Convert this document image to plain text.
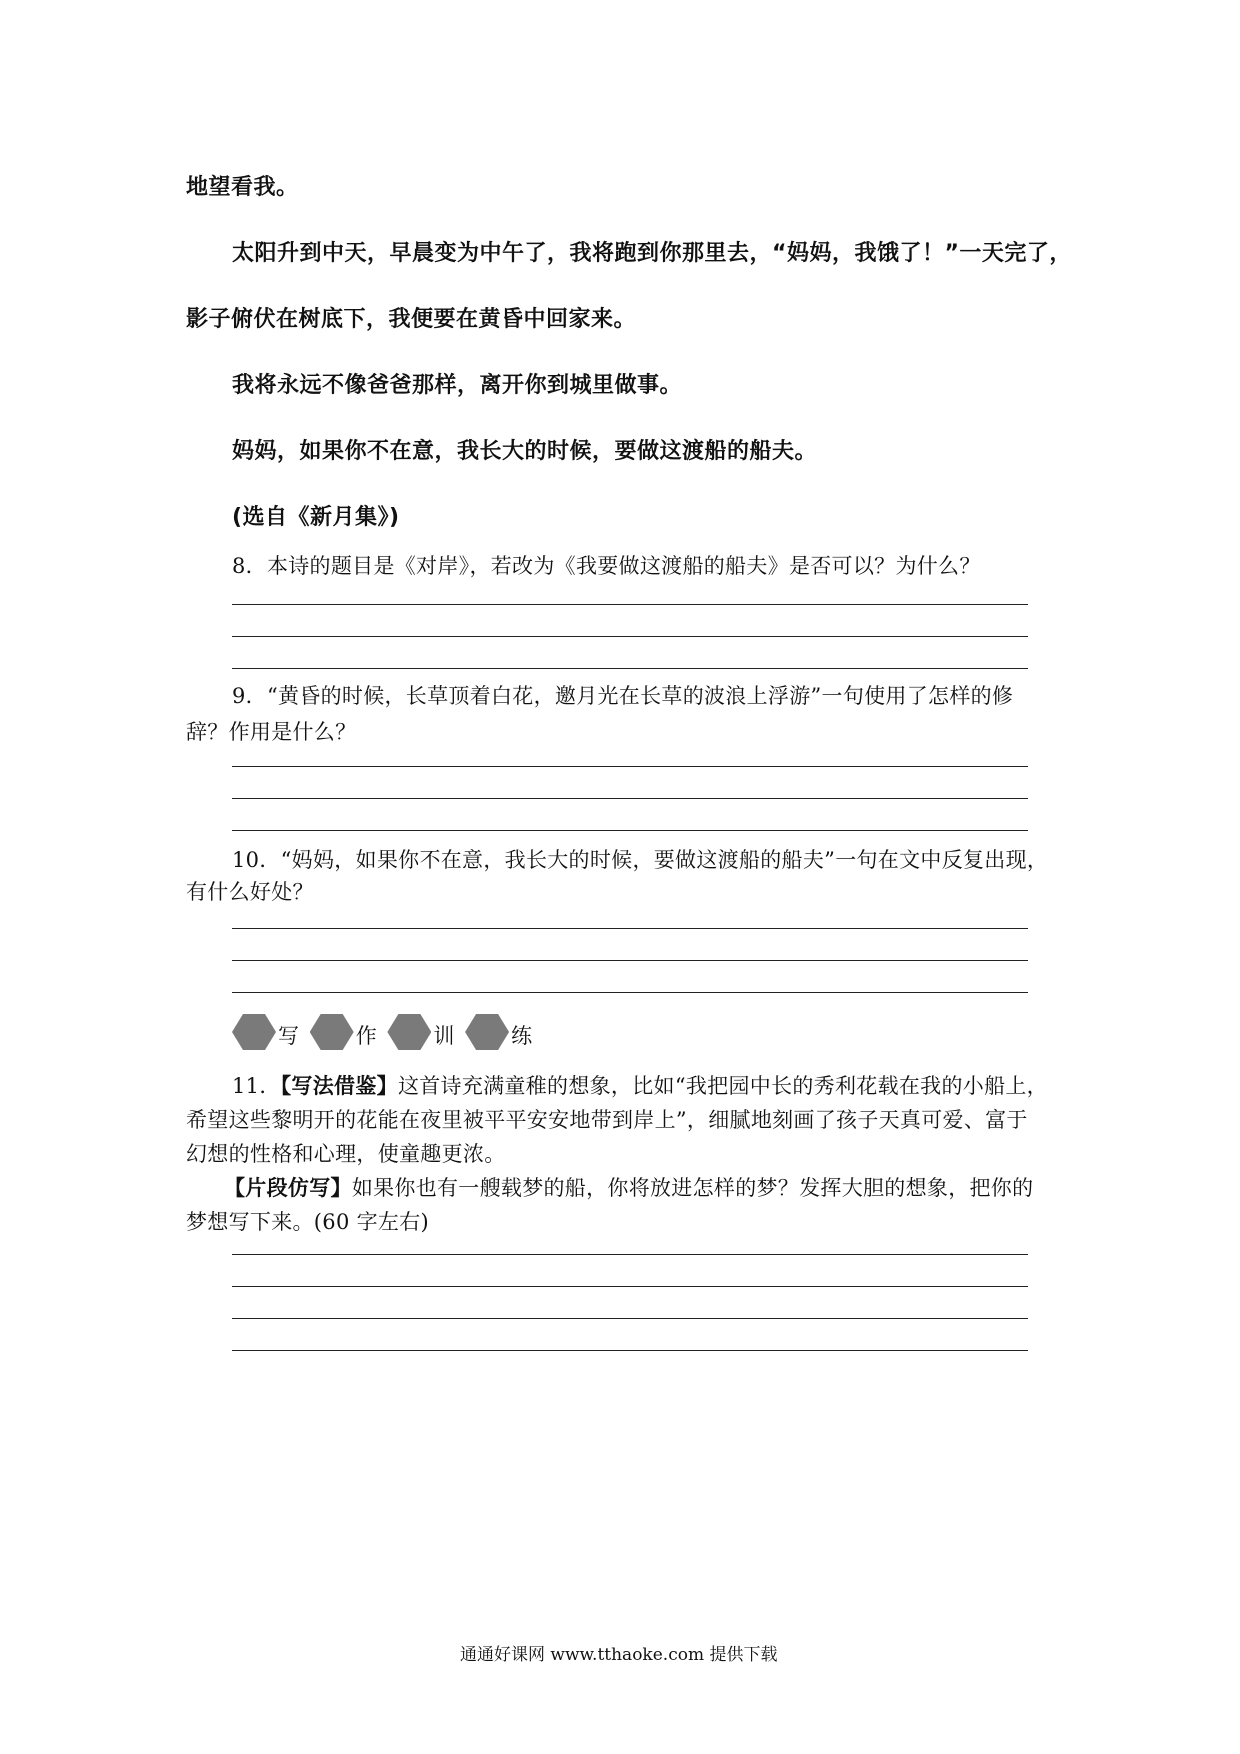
地望看我。
太阳升到中天，早晨变为中午了，我将跑到你那里去，“妈妈，我饿了！”一天完了，
影子俯伏在树底下，我便要在黄昏中回家来。
我将永远不像爸爸那样，离开你到城里做事。
妈妈，如果你不在意，我长大的时候，要做这渡船的船夫。
(选自《新月集》)
8．本诗的题目是《对岸》，若改为《我要做这渡船的船夫》是否可以？为什么？
9．“黄昏的时候，长草顶着白花，邀月光在长草的波浪上浮游”一句使用了怎样的修
辞？作用是什么？
10．“妈妈，如果你不在意，我长大的时候，要做这渡船的船夫”一句在文中反复出现，
有什么好处？
写	作	训	练
11．【写法借鉴】这首诗充满童稚的想象，比如“我把园中长的秀利花载在我的小船上，
希望这些黎明开的花能在夜里被平平安安地带到岸上”，细腻地刻画了孩子天真可爱、富于
幻想的性格和心理，使童趣更浓。
【片段仿写】如果你也有一艘载梦的船，你将放进怎样的梦？发挥大胆的想象，把你的
梦想写下来。(60 字左右)
通通好课网 www.tthaoke.com 提供下载
